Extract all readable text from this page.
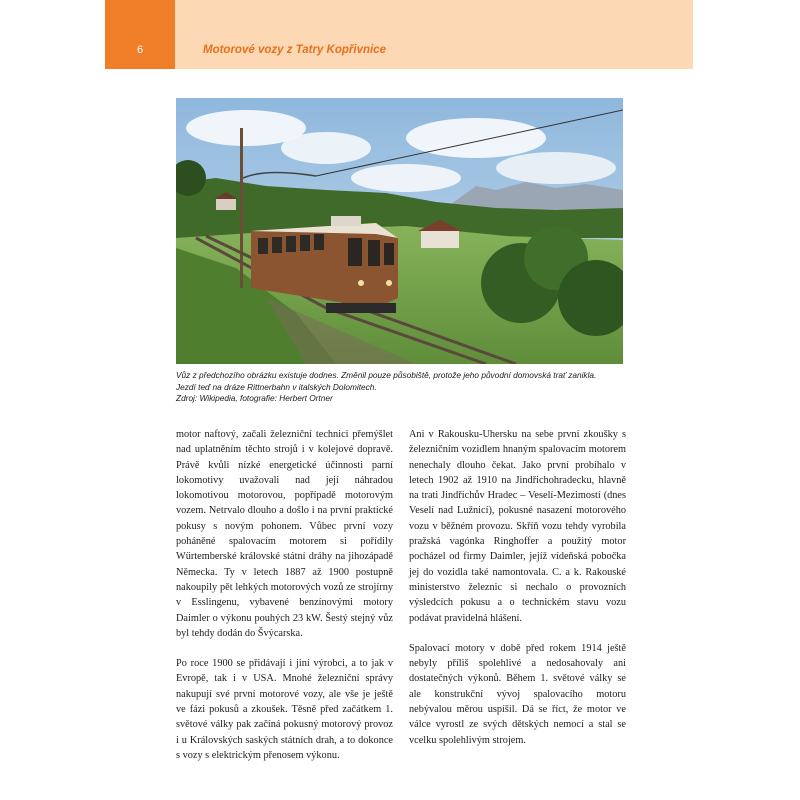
6	Motorové vozy z Tatry Kopřivnice
Vůz z předchozího obrázku existuje dodnes. Změnil pouze působiště, protože jeho původní domovská trať zanikla.
Jezdí teď na dráze Rittnerbahn v italských Dolomitech.
Zdroj: Wikipedia, fotografie: Herbert Ortner

motor naftový, začali železniční technici přemýšlet nad uplatněním těchto strojů i v kolejové dopravě. Právě kvůli nízké energetické účinnosti parní lokomotivy uvažovali nad její náhradou lokomotivou motorovou, popřípadě motorovým vozem. Netrvalo dlouho a došlo i na první praktické pokusy s novým pohonem. Vůbec první vozy poháněné spalovacím motorem si pořídily Würtemberské královské státní dráhy na jihozápadě Německa. Ty v letech 1887 až 1900 postupně nakoupily pět lehkých motorových vozů ze strojírny v Esslingenu, vybavené benzínovými motory Daimler o výkonu pouhých 23 kW. Šestý stejný vůz byl tehdy dodán do Švýcarska.

Po roce 1900 se přidávají i jiní výrobci, a to jak v Evropě, tak i v USA. Mnohé železniční správy nakupují své první motorové vozy, ale vše je ještě ve fázi pokusů a zkoušek. Těsně před začátkem 1. světové války pak začíná pokusný motorový provoz i u Královských saských státních drah, a to dokonce s vozy s elektrickým přenosem výkonu.

Ani v Rakousku-Uhersku na sebe první zkoušky s železničním vozidlem hnaným spalovacím motorem nenechaly dlouho čekat. Jako první probíhalo v letech 1902 až 1910 na Jindřichohradecku, hlavně na trati Jindřichův Hradec – Veselí-Mezimostí (dnes Veselí nad Lužnicí), pokusné nasazení motorového vozu v běžném provozu. Skříň vozu tehdy vyrobila pražská vagónka Ringhoffer a použitý motor pocházel od firmy Daimler, jejíž vídeňská pobočka jej do vozidla také namontovala. C. a k. Rakouské ministerstvo železnic si nechalo o provozních výsledcích pokusu a o technickém stavu vozu podávat pravidelná hlášení.

Spalovací motory v době před rokem 1914 ještě nebyly příliš spolehlivé a nedosahovaly ani dostatečných výkonů. Během 1. světové války se ale konstrukční vývoj spalovacího motoru nebývalou měrou uspíšil. Dá se říct, že motor ve válce vyrostl ze svých dětských nemocí a stal se vcelku spolehlivým strojem.
